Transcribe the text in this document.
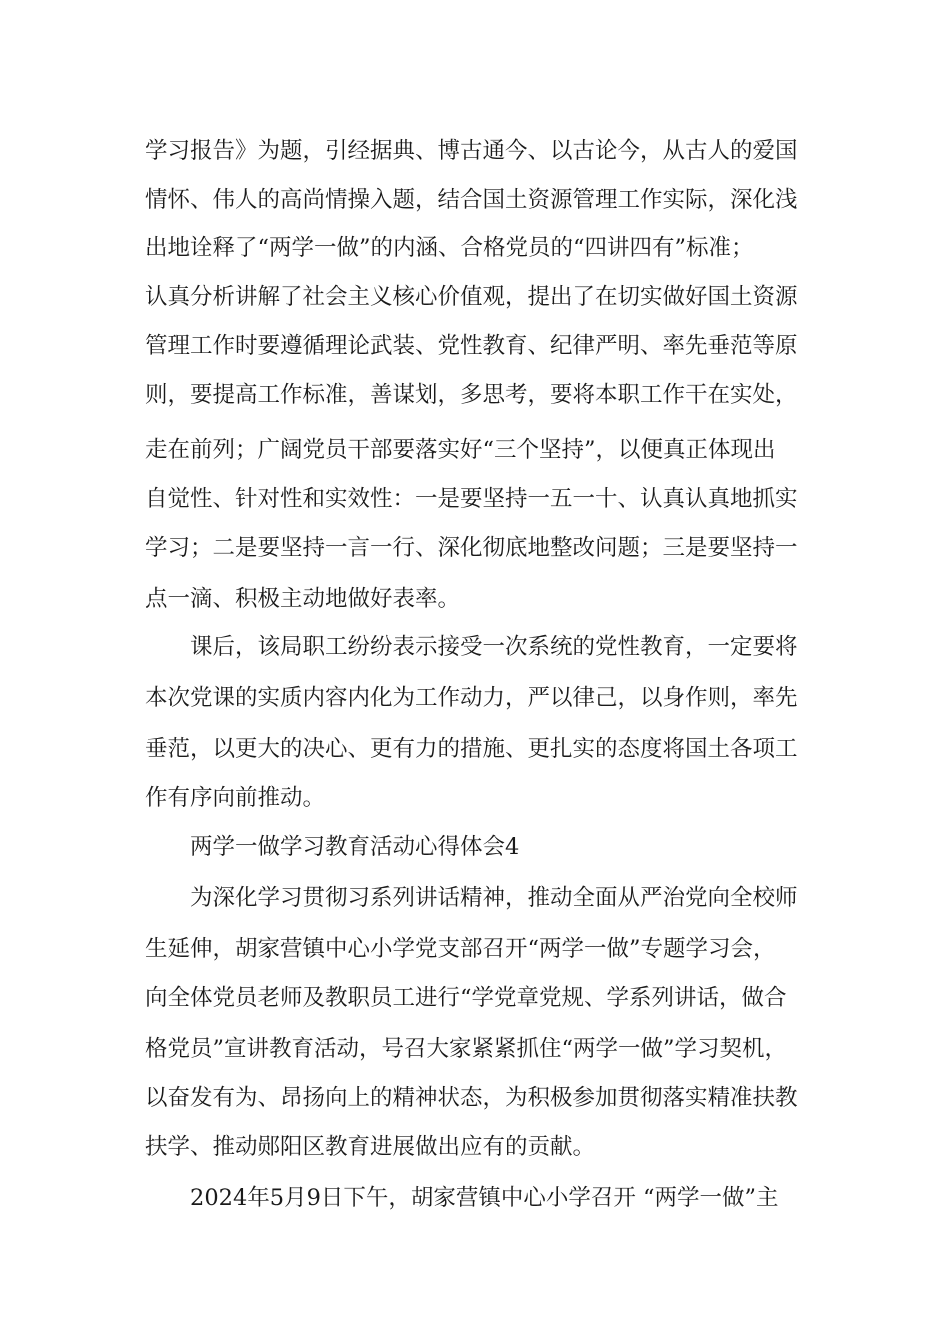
学习报告》为题，引经据典、博古通今、以古论今，从古人的爱国
情怀、伟人的高尚情操入题，结合国土资源管理工作实际，深化浅
出地诠释了“两学一做”的内涵、合格党员的“四讲四有”标准；
认真分析讲解了社会主义核心价值观，提出了在切实做好国土资源
管理工作时要遵循理论武装、党性教育、纪律严明、率先垂范等原
则，要提高工作标准，善谋划，多思考，要将本职工作干在实处，
走在前列；广阔党员干部要落实好“三个坚持”，以便真正体现出
自觉性、针对性和实效性：一是要坚持一五一十、认真认真地抓实
学习；二是要坚持一言一行、深化彻底地整改问题；三是要坚持一
点一滴、积极主动地做好表率。
课后，该局职工纷纷表示接受一次系统的党性教育，一定要将
本次党课的实质内容内化为工作动力，严以律己，以身作则，率先
垂范，以更大的决心、更有力的措施、更扎实的态度将国土各项工
作有序向前推动。
两学一做学习教育活动心得体会4
为深化学习贯彻习系列讲话精神，推动全面从严治党向全校师
生延伸，胡家营镇中心小学党支部召开“两学一做”专题学习会，
向全体党员老师及教职员工进行“学党章党规、学系列讲话，做合
格党员”宣讲教育活动，号召大家紧紧抓住“两学一做”学习契机，
以奋发有为、昂扬向上的精神状态，为积极参加贯彻落实精准扶教
扶学、推动郧阳区教育进展做出应有的贡献。
2024年5月9日下午，胡家营镇中心小学召开 “两学一做”主
